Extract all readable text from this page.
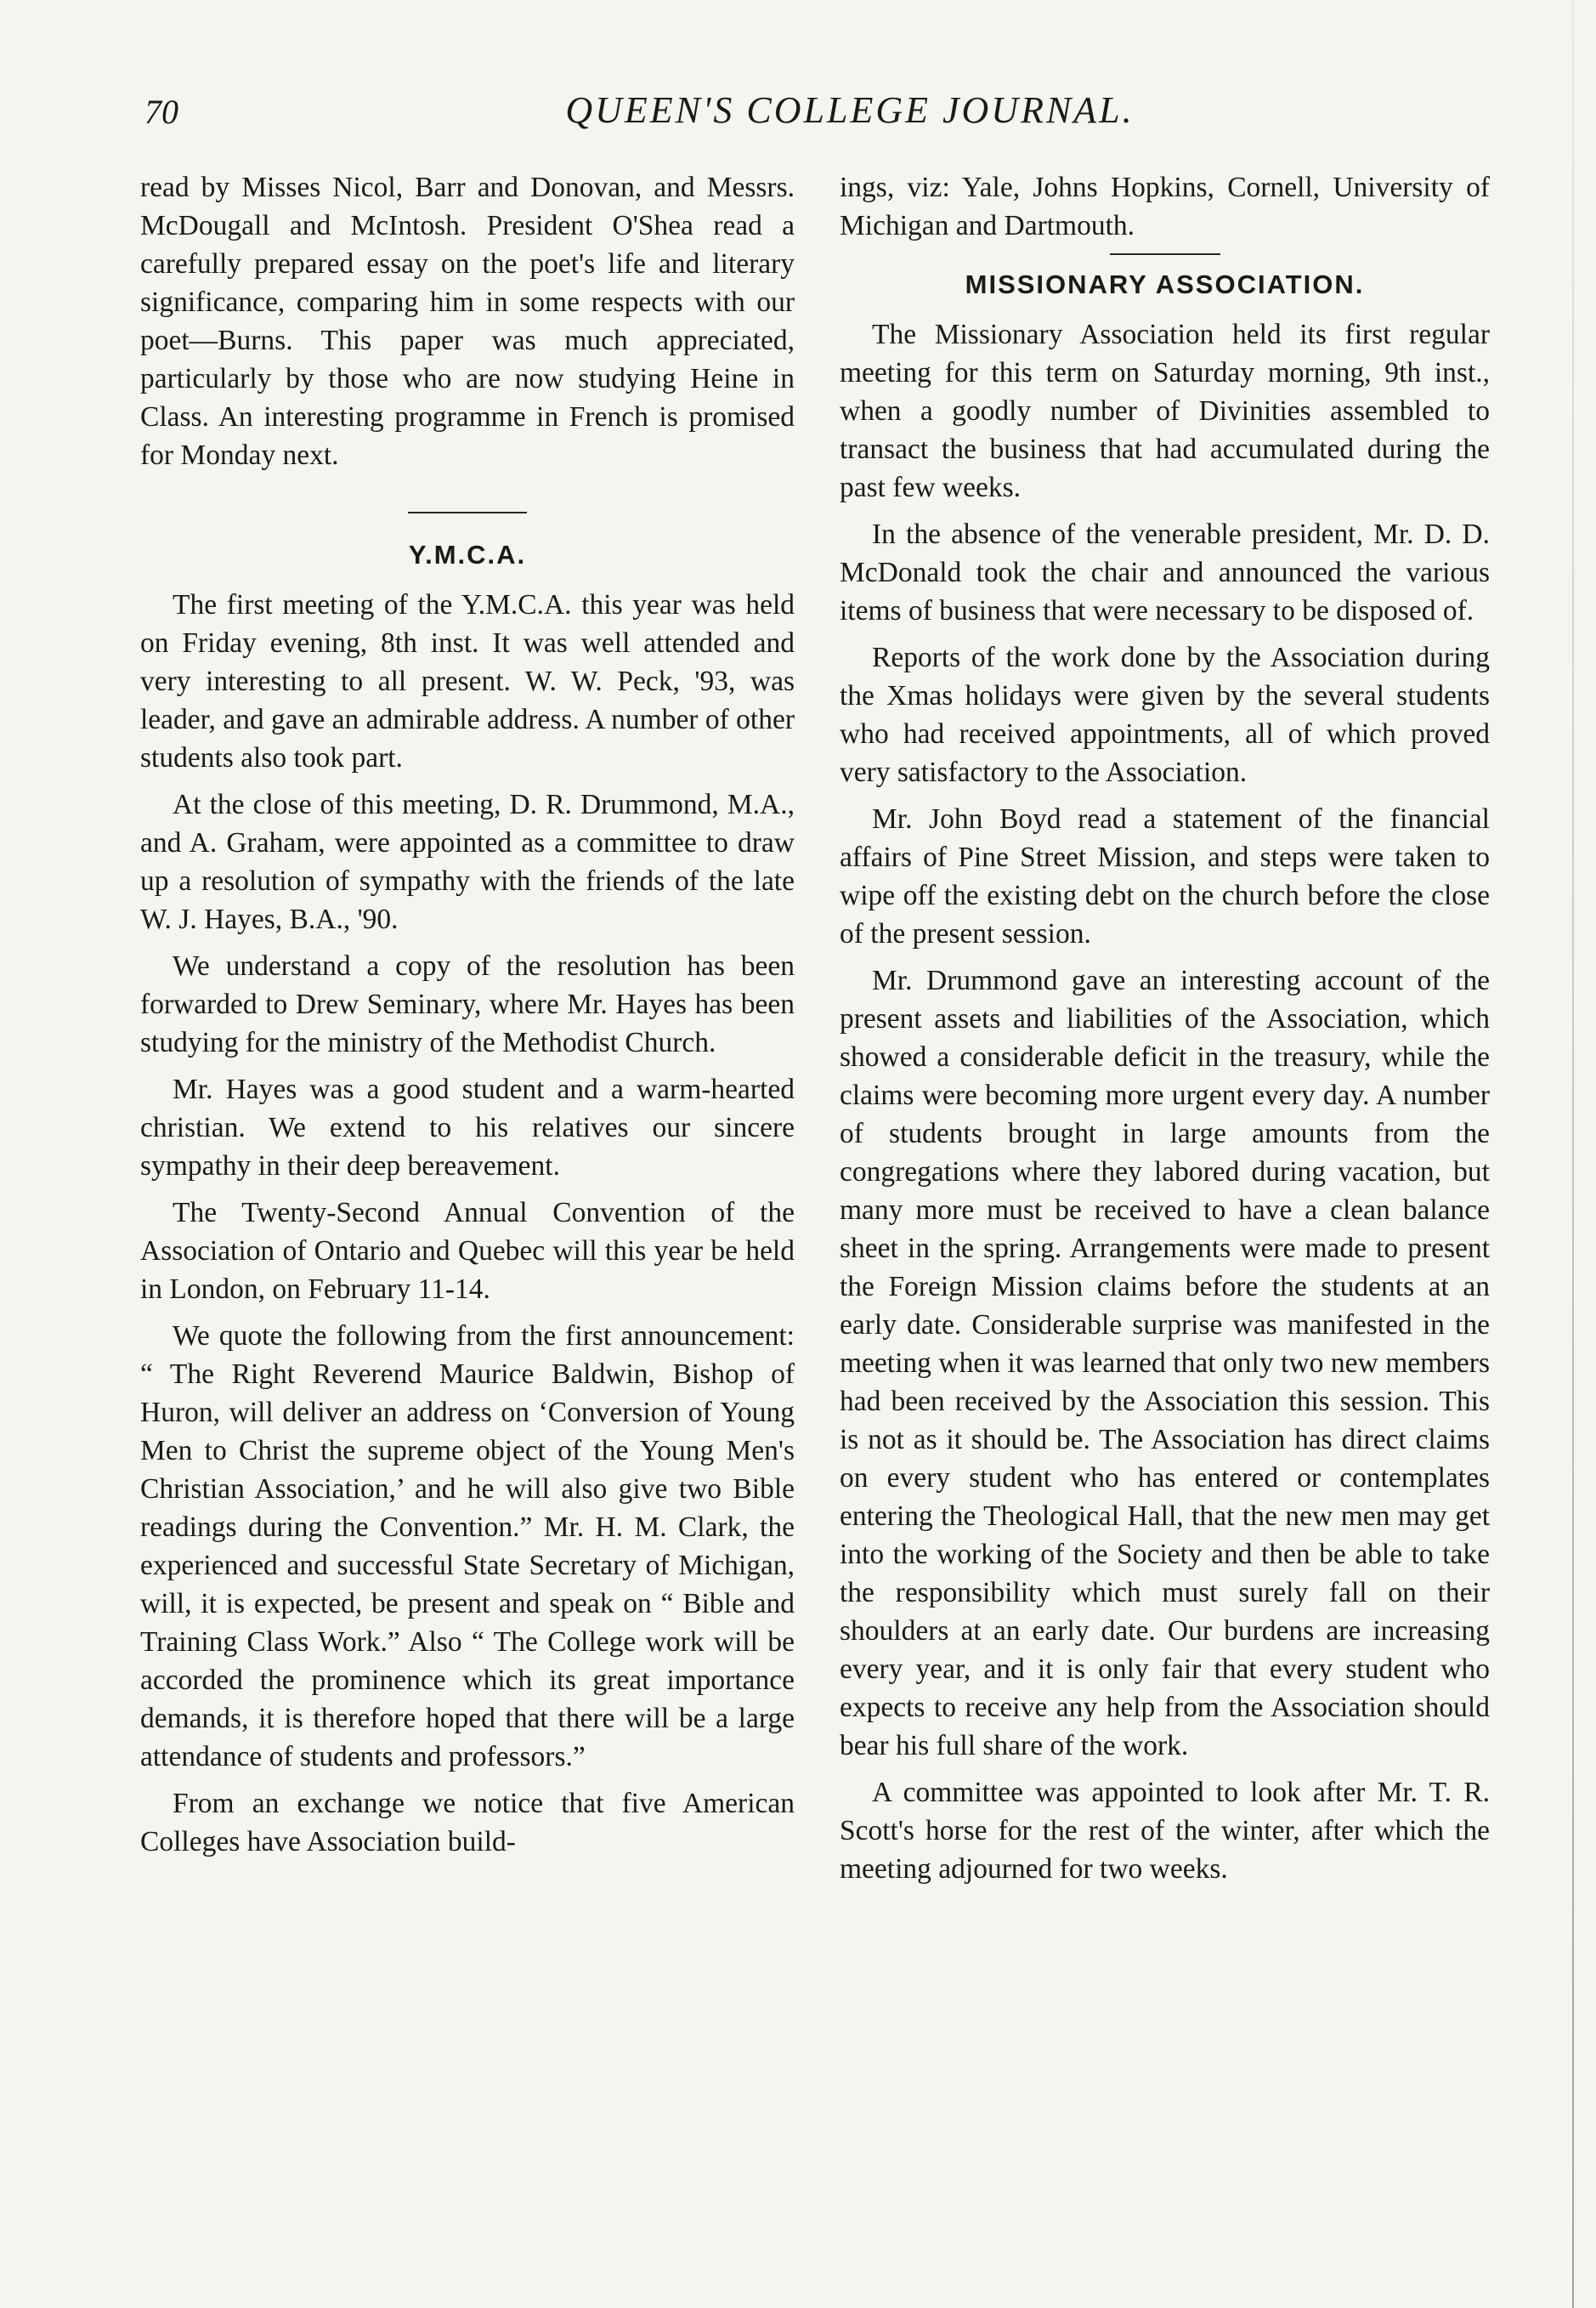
70	QUEEN'S COLLEGE JOURNAL.

read by Misses Nicol, Barr and Donovan, and Messrs. McDougall and McIntosh. President O'Shea read a carefully prepared essay on the poet's life and literary significance, comparing him in some respects with our poet—Burns. This paper was much appreciated, particularly by those who are now studying Heine in Class. An interesting programme in French is promised for Monday next.

Y.M.C.A.

The first meeting of the Y.M.C.A. this year was held on Friday evening, 8th inst. It was well attended and very interesting to all present. W. W. Peck, '93, was leader, and gave an admirable address. A number of other students also took part.

At the close of this meeting, D. R. Drummond, M.A., and A. Graham, were appointed as a committee to draw up a resolution of sympathy with the friends of the late W. J. Hayes, B.A., '90.

We understand a copy of the resolution has been forwarded to Drew Seminary, where Mr. Hayes has been studying for the ministry of the Methodist Church.

Mr. Hayes was a good student and a warm-hearted christian. We extend to his relatives our sincere sympathy in their deep bereavement.

The Twenty-Second Annual Convention of the Association of Ontario and Quebec will this year be held in London, on February 11-14.

We quote the following from the first announcement: “ The Right Reverend Maurice Baldwin, Bishop of Huron, will deliver an address on ‘Conversion of Young Men to Christ the supreme object of the Young Men's Christian Association,’ and he will also give two Bible readings during the Convention.” Mr. H. M. Clark, the experienced and successful State Secretary of Michigan, will, it is expected, be present and speak on “ Bible and Training Class Work.” Also “ The College work will be accorded the prominence which its great importance demands, it is therefore hoped that there will be a large attendance of students and professors.”

From an exchange we notice that five American Colleges have Association build-

ings, viz: Yale, Johns Hopkins, Cornell, University of Michigan and Dartmouth.

MISSIONARY ASSOCIATION.

The Missionary Association held its first regular meeting for this term on Saturday morning, 9th inst., when a goodly number of Divinities assembled to transact the business that had accumulated during the past few weeks.

In the absence of the venerable president, Mr. D. D. McDonald took the chair and announced the various items of business that were necessary to be disposed of.

Reports of the work done by the Association during the Xmas holidays were given by the several students who had received appointments, all of which proved very satisfactory to the Association.

Mr. John Boyd read a statement of the financial affairs of Pine Street Mission, and steps were taken to wipe off the existing debt on the church before the close of the present session.

Mr. Drummond gave an interesting account of the present assets and liabilities of the Association, which showed a considerable deficit in the treasury, while the claims were becoming more urgent every day. A number of students brought in large amounts from the congregations where they labored during vacation, but many more must be received to have a clean balance sheet in the spring. Arrangements were made to present the Foreign Mission claims before the students at an early date. Considerable surprise was manifested in the meeting when it was learned that only two new members had been received by the Association this session. This is not as it should be. The Association has direct claims on every student who has entered or contemplates entering the Theological Hall, that the new men may get into the working of the Society and then be able to take the responsibility which must surely fall on their shoulders at an early date. Our burdens are increasing every year, and it is only fair that every student who expects to receive any help from the Association should bear his full share of the work.

A committee was appointed to look after Mr. T. R. Scott's horse for the rest of the winter, after which the meeting adjourned for two weeks.
